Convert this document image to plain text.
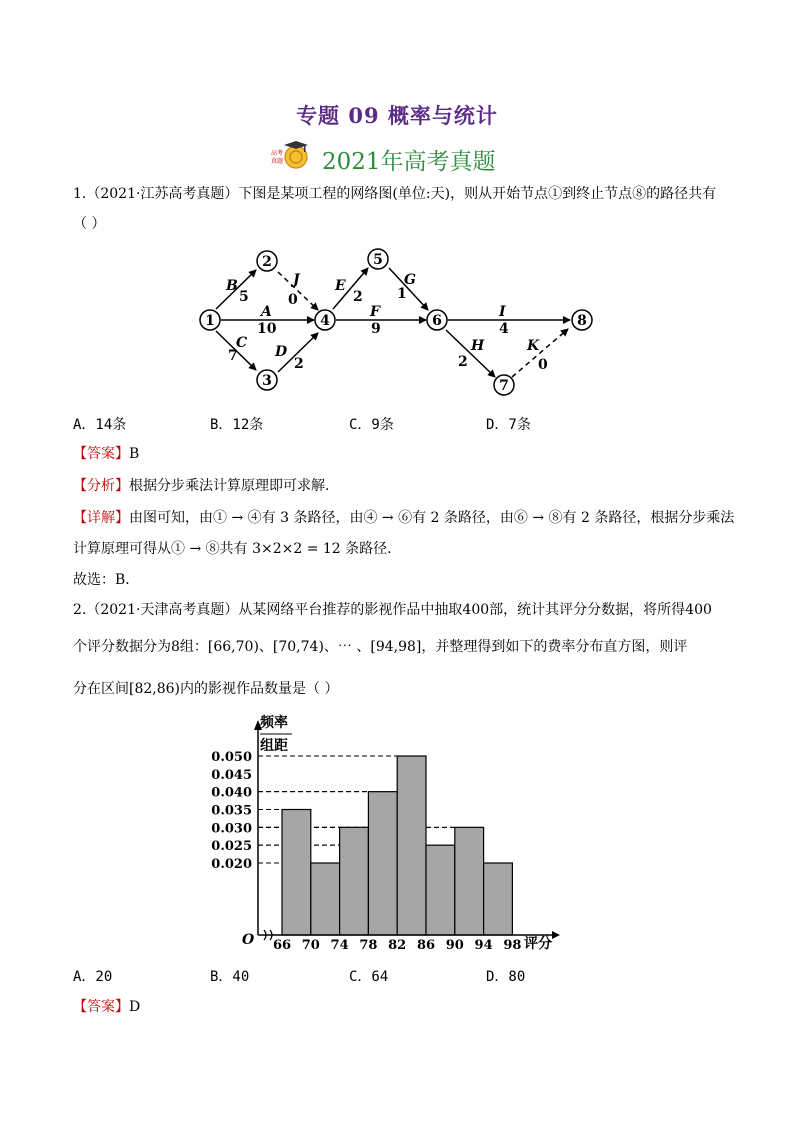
专题 09 概率与统计
高考
真题 2021年高考真题
1.（2021·江苏高考真题）下图是某项工程的网络图(单位:天)，则从开始节点①到终止节点⑧的路径共有
（ ）
1
2
3
4
5
6
7
8
B
5
J
0
A
10
C
7	D
2
E
2
G
1
F
9
I
4
H
2
K
0
A．14条	B．12条	C．9条	D．7条
【答案】B
【分析】根据分步乘法计算原理即可求解.
【详解】由图可知，由① → ④有 3 条路径，由④ → ⑥有 2 条路径，由⑥ → ⑧有 2 条路径，根据分步乘法
计算原理可得从① → ⑧共有 3×2×2 = 12 条路径.
故选：B．
2.（2021·天津高考真题）从某网络平台推荐的影视作品中抽取400部，统计其评分分数据，将所得400
个评分数据分为8组：[66,70)、[70,74)、⋯ 、[94,98]，并整理得到如下的费率分布直方图，则评
分在区间[82,86)内的影视作品数量是（ ）
频率
组距
O	评分
0.050
0.045
0.040
0.035
0.030
0.025
0.020
66 70 74 78 82 86 90 94 98
A．20	B．40	C．64	D．80
【答案】D
